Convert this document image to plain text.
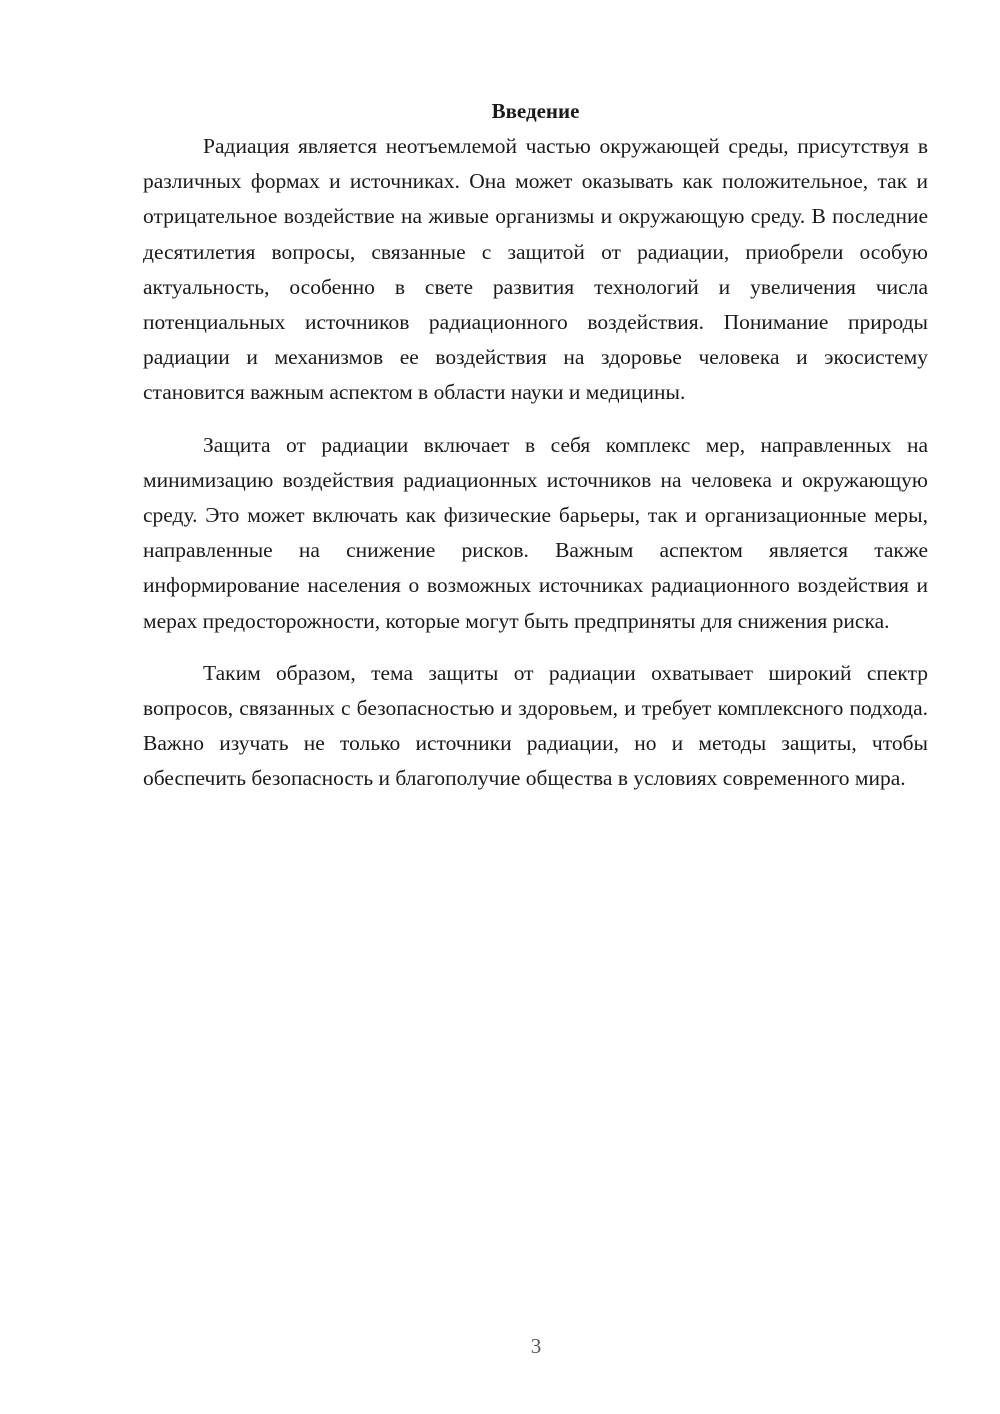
Введение

Радиация является неотъемлемой частью окружающей среды, присутствуя в различных формах и источниках. Она может оказывать как положительное, так и отрицательное воздействие на живые организмы и окружающую среду. В последние десятилетия вопросы, связанные с защитой от радиации, приобрели особую актуальность, особенно в свете развития технологий и увеличения числа потенциальных источников радиационного воздействия. Понимание природы радиации и механизмов ее воздействия на здоровье человека и экосистему становится важным аспектом в области науки и медицины.

Защита от радиации включает в себя комплекс мер, направленных на минимизацию воздействия радиационных источников на человека и окружающую среду. Это может включать как физические барьеры, так и организационные меры, направленные на снижение рисков. Важным аспектом является также информирование населения о возможных источниках радиационного воздействия и мерах предосторожности, которые могут быть предприняты для снижения риска.

Таким образом, тема защиты от радиации охватывает широкий спектр вопросов, связанных с безопасностью и здоровьем, и требует комплексного подхода. Важно изучать не только источники радиации, но и методы защиты, чтобы обеспечить безопасность и благополучие общества в условиях современного мира.

3
